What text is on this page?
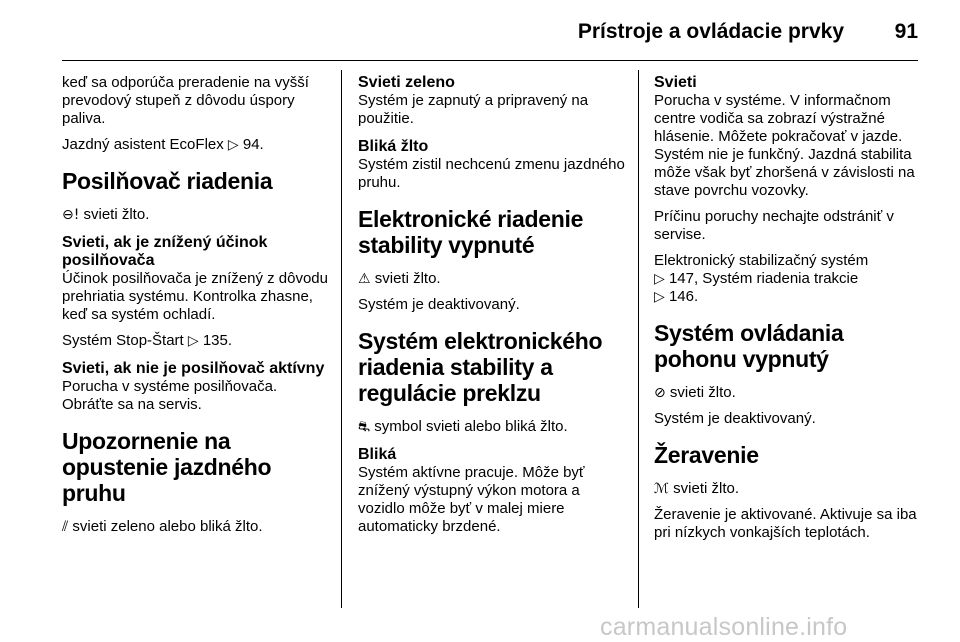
Prístroje a ovládacie prvky 91

keď sa odporúča preradenie na vyšší prevodový stupeň z dôvodu úspory paliva.

Jazdný asistent EcoFlex ▷ 94.

Posilňovač riadenia

⊖! svieti žlto.

Svieti, ak je znížený účinok posilňovača

Účinok posilňovača je znížený z dôvodu prehriatia systému. Kontrolka zhasne, keď sa systém ochladí.

Systém Stop-Štart ▷ 135.

Svieti, ak nie je posilňovač aktívny

Porucha v systéme posilňovača. Obráťte sa na servis.

Upozornenie na opustenie jazdného pruhu

⫽ svieti zeleno alebo bliká žlto.

Svieti zeleno

Systém je zapnutý a pripravený na použitie.

Bliká žlto

Systém zistil nechcenú zmenu jazdného pruhu.

Elektronické riadenie stability vypnuté

⚠ svieti žlto.

Systém je deaktivovaný.

Systém elektronického riadenia stability a regulácie preklzu

⛐ symbol svieti alebo bliká žlto.

Bliká

Systém aktívne pracuje. Môže byť znížený výstupný výkon motora a vozidlo môže byť v malej miere automaticky brzdené.

Svieti

Porucha v systéme. V informačnom centre vodiča sa zobrazí výstražné hlásenie. Môžete pokračovať v jazde. Systém nie je funkčný. Jazdná stabilita môže však byť zhoršená v závislosti na stave povrchu vozovky.

Príčinu poruchy nechajte odstrániť v servise.

Elektronický stabilizačný systém
▷ 147, Systém riadenia trakcie
▷ 146.

Systém ovládania pohonu vypnutý

⊘ svieti žlto.

Systém je deaktivovaný.

Žeravenie

ℳ svieti žlto.

Žeravenie je aktivované. Aktivuje sa iba pri nízkych vonkajších teplotách.

carmanualsonline.info
